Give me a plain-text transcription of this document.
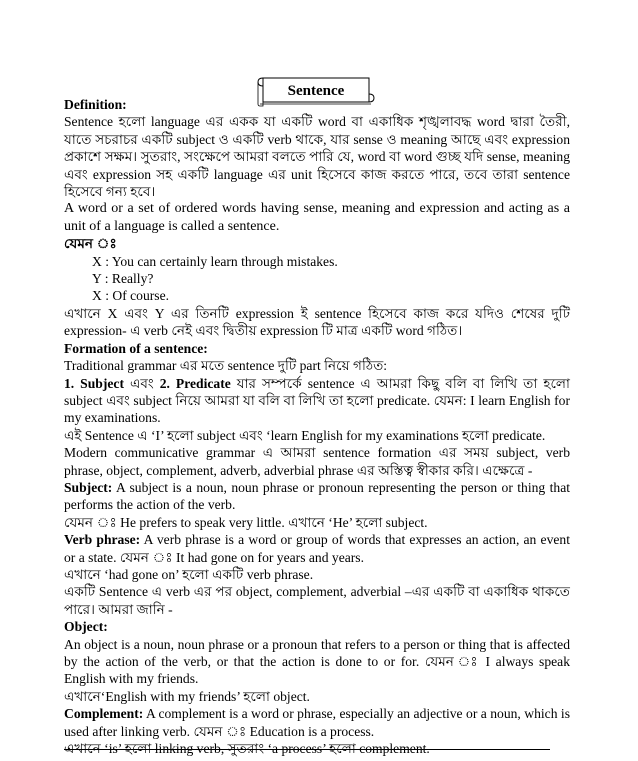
Sentence

Definition:

Sentence হলো language এর একক যা একটি word বা একাধিক শৃঙ্খলাবদ্ধ word দ্বারা তৈরী, যাতে সচরাচর একটি subject ও একটি verb থাকে, যার sense ও meaning আছে এবং expression প্রকাশে সক্ষম। সুতরাং, সংক্ষেপে আমরা বলতে পারি যে, word বা word গুচ্ছ যদি sense, meaning এবং expression সহ একটি language এর unit হিসেবে কাজ করতে পারে, তবে তারা sentence হিসেবে গন্য হবে।

A word or a set of ordered words having sense, meaning and expression and acting as a unit of a language is called a sentence.

যেমন ঃ

X : You can certainly learn through mistakes.

Y : Really?

X : Of course.

এখানে X এবং Y এর তিনটি expression ই sentence হিসেবে কাজ করে যদিও শেষের দুটি expression- এ verb নেই এবং দ্বিতীয় expression টি মাত্র একটি word গঠিত।

Formation of a sentence:

Traditional grammar এর মতে sentence দুটি part নিয়ে গঠিত:

1. Subject এবং 2. Predicate যার সম্পর্কে sentence এ আমরা কিছু বলি বা লিখি তা হলো subject এবং subject নিয়ে আমরা যা বলি বা লিখি তা হলো predicate. যেমন: I learn English for my examinations.

এই Sentence এ ‘I’ হলো subject এবং ‘learn English for my examinations হলো predicate.

Modern communicative grammar এ আমরা sentence formation এর সময় subject, verb phrase, object, complement, adverb, adverbial phrase এর অস্তিত্ব স্বীকার করি। এক্ষেত্রে -

Subject: A subject is a noun, noun phrase or pronoun representing the person or thing that performs the action of the verb.

যেমন ঃ He prefers to speak very little. এখানে ‘He’ হলো subject.

Verb phrase: A verb phrase is a word or group of words that expresses an action, an event or a state. যেমন ঃ It had gone on for years and years.

এখানে ‘had gone on’ হলো একটি verb phrase.

একটি Sentence এ verb এর পর object, complement, adverbial –এর একটি বা একাধিক থাকতে পারে। আমরা জানি -

Object:

An object is a noun, noun phrase or a pronoun that refers to a person or thing that is affected by the action of the verb, or that the action is done to or for. যেমন ঃ I always speak English with my friends.

এখানে‘English with my friends’ হলো object.

Complement: A complement is a word or phrase, especially an adjective or a noun, which is used after linking verb. যেমন ঃ Education is a process.

এখানে ‘is’ হলো linking verb, সুতরাং ‘a process’ হলো complement.
